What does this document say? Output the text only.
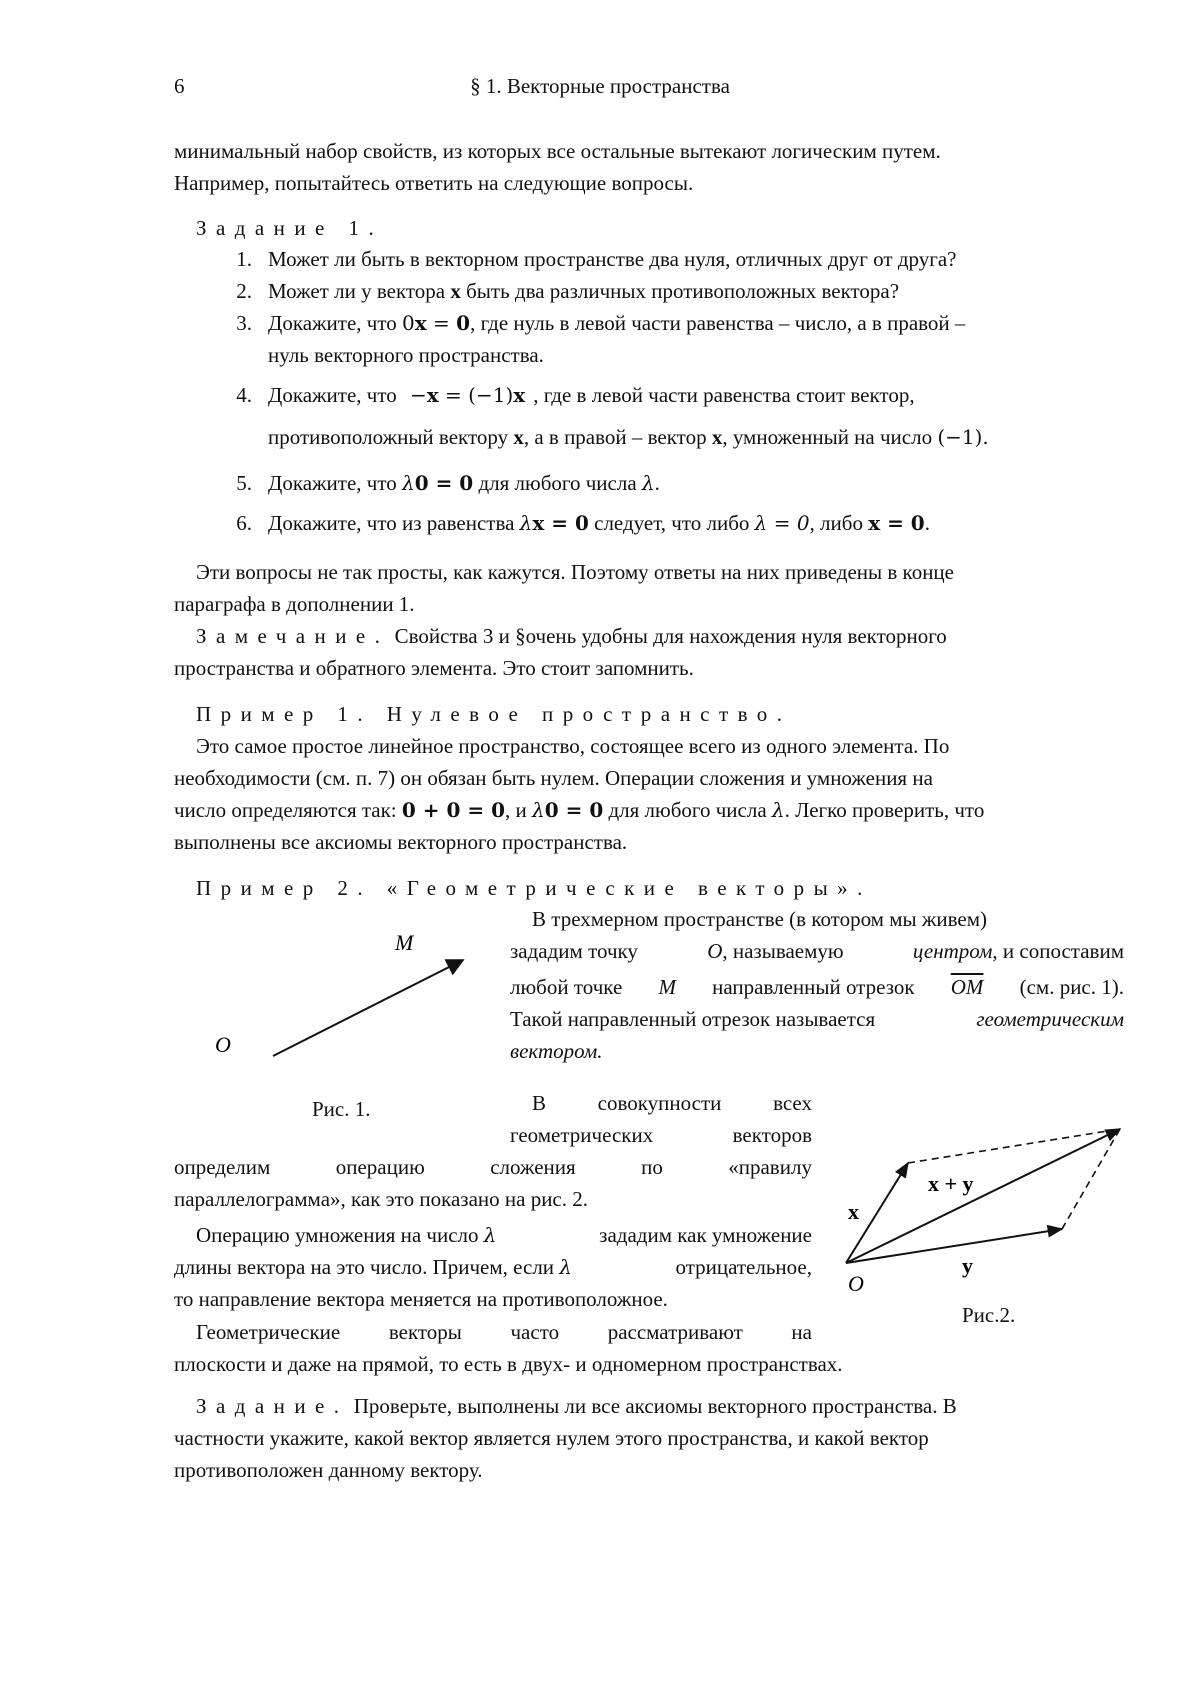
6	§ 1. Векторные пространства
минимальный набор свойств, из которых все остальные вытекают логическим путем.
Например, попытайтесь ответить на следующие вопросы.
Задание 1.
1. Может ли быть в векторном пространстве два нуля, отличных друг от друга?
2. Может ли у вектора x быть два различных противоположных вектора?
3. Докажите, что 0x = 0, где нуль в левой части равенства – число, а в правой –
нуль векторного пространства.
4. Докажите, что −x = (−1)x , где в левой части равенства стоит вектор,
противоположный вектору x, а в правой – вектор x, умноженный на число (−1).
5. Докажите, что λ0 = 0 для любого числа λ.
6. Докажите, что из равенства λx = 0 следует, что либо λ = 0, либо x = 0.
Эти вопросы не так просты, как кажутся. Поэтому ответы на них приведены в конце
параграфа в дополнении 1.
Замечание. Свойства 3 и §очень удобны для нахождения нуля векторного
пространства и обратного элемента. Это стоит запомнить.
Пример 1. Нулевое пространство.
Это самое простое линейное пространство, состоящее всего из одного элемента. По
необходимости (см. п. 7) он обязан быть нулем. Операции сложения и умножения на
число определяются так: 0 + 0 = 0, и λ0 = 0 для любого числа λ. Легко проверить, что
выполнены все аксиомы векторного пространства.
Пример 2. «Геометрические векторы».
M
O
Рис. 1.
В трехмерном пространстве (в котором мы живем)
зададим точку	O, называемую	центром, и сопоставим
любой точке M направленный отрезок $\overline{OM}$ (см. рис. 1).
Такой направленный отрезок называется	геометрическим
вектором.
В совокупности всех
геометрических	векторов
определим	операцию	сложения	по	«правилу
параллелограмма», как это показано на рис. 2.
Операцию умножения на число λ	зададим как умножение
длины вектора на это число. Причем, если λ	отрицательное,
то направление вектора меняется на противоположное.
Геометрические векторы часто рассматривают на
плоскости и даже на прямой, то есть в двух- и одномерном пространствах.
x + y
x
y
O
Рис.2.
Задание. Проверьте, выполнены ли все аксиомы векторного пространства. В
частности укажите, какой вектор является нулем этого пространства, и какой вектор
противоположен данному вектору.
